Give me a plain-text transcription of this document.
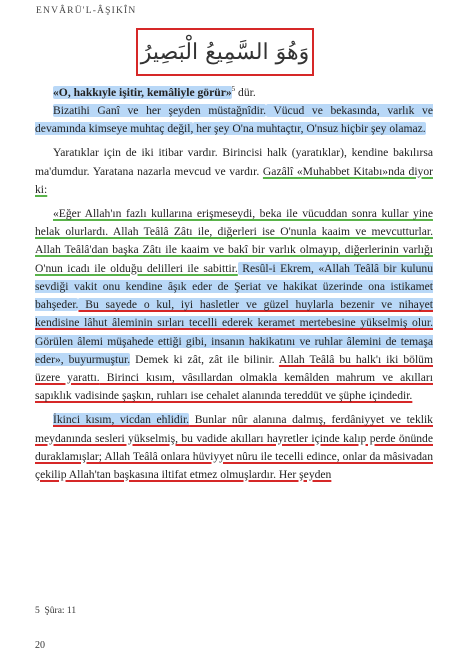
ENVÂRÜ'L-ÂŞIKÎN
وَهُوَ السَّمِيعُ الْبَصِيرُ

«O, hakkıyle işitir, kemâliyle görür»$^5$ dür.

Bizatihi Ganî ve her şeyden müstağnîdir. Vücud ve bekasında, varlık ve devamında kimseye muhtaç değil, her şey O'na muhtaçtır, O'nsuz hiçbir şey olamaz.

Yaratıklar için de iki itibar vardır. Birincisi halk (yaratıklar), kendine bakılırsa ma'dumdur. Yaratana nazarla mevcud ve vardır. Gazâlî «Muhabbet Kitabı»nda diyor ki:

«Eğer Allah'ın fazlı kullarına erişmeseydi, beka ile vücuddan sonra kullar yine helak olurlardı. Allah Teâlâ Zâtı ile, diğerleri ise O'nunla kaaim ve mevcutturlar. Allah Teâlâ'dan başka Zâtı ile kaaim ve bakî bir varlık olmayıp, diğerlerinin varlığı O'nun icadı ile olduğu delilleri ile sabittir. Resûl-i Ekrem, «Allah Teâlâ bir kulunu sevdiği vakit onu kendine âşık eder de Şeriat ve hakikat üzerinde ona istikamet bahşeder. Bu sayede o kul, iyi hasletler ve güzel huylarla bezenir ve nihayet kendisine lâhut âleminin sırları tecelli ederek keramet mertebesine yükselmiş olur. Görülen âlemi müşahede ettiği gibi, insanın hakikatını ve ruhlar âlemini de temaşa eder», buyurmuştur. Demek ki zât, zât ile bilinir. Allah Teâlâ bu halk'ı iki bölüm üzere yarattı. Birinci kısım, vâsıllardan olmakla kemâlden mahrum ve akılları sapıklık vadisinde şaşkın, ruhları ise cehalet alanında tereddüt ve şüphe içindedir.

İkinci kısım, vicdan ehlidir. Bunlar nûr alanına dalmış, ferdâniyyet ve teklik meydanında sesleri yükselmiş, bu vadide akılları hayretler içinde kalıp perde önünde duraklamışlar; Allah Teâlâ onlara hüviyyet nûru ile tecelli edince, onlar da mâsivadan çekilip Allah'tan başkasına iltifat etmez olmuşlardır. Her şeyden

5 Şûra: 11
20
